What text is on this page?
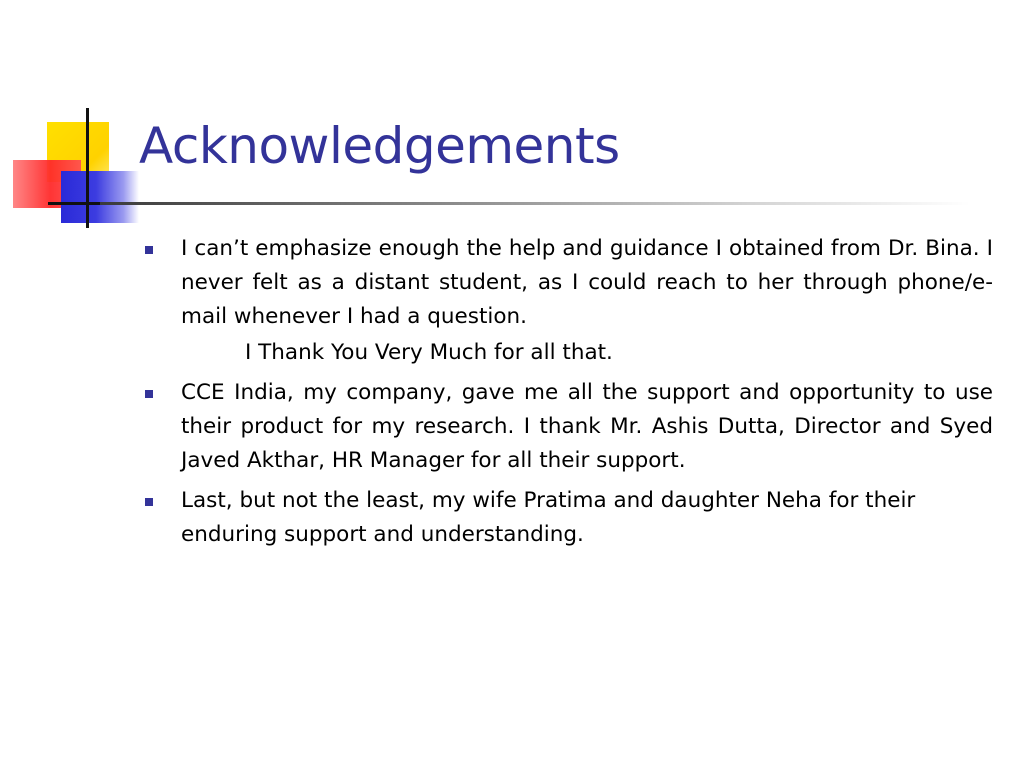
Acknowledgements
I can’t emphasize enough the help and guidance I obtained from Dr. Bina. I never felt as a distant student, as I could reach to her through phone/e-mail whenever I had a question.
I Thank You Very Much for all that.
CCE India, my company, gave me all the support and opportunity to use their product for my research. I thank Mr. Ashis Dutta, Director and Syed Javed Akthar, HR Manager for all their support.
Last, but not the least, my wife Pratima and daughter Neha for their enduring support and understanding.
